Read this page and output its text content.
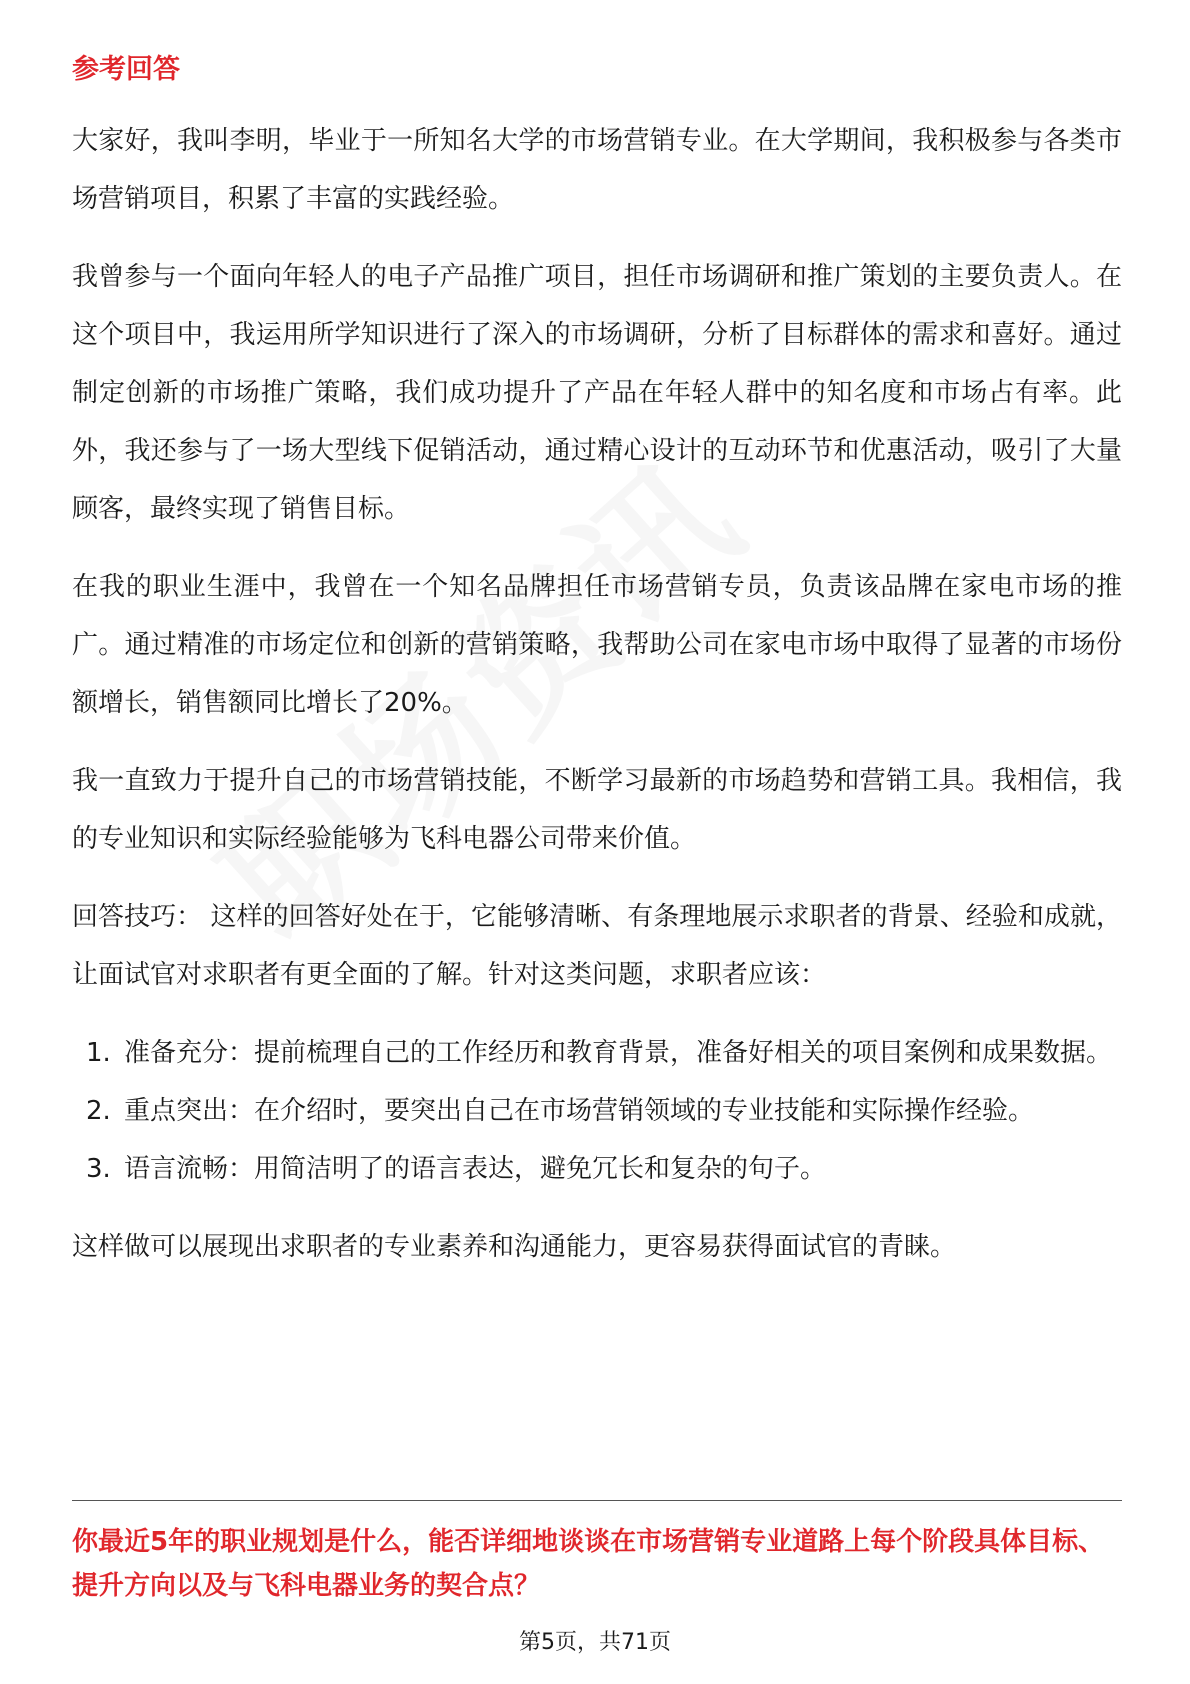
参考回答

大家好，我叫李明，毕业于一所知名大学的市场营销专业。在大学期间，我积极参与各类市场营销项目，积累了丰富的实践经验。

我曾参与一个面向年轻人的电子产品推广项目，担任市场调研和推广策划的主要负责人。在这个项目中，我运用所学知识进行了深入的市场调研，分析了目标群体的需求和喜好。通过制定创新的市场推广策略，我们成功提升了产品在年轻人群中的知名度和市场占有率。此外，我还参与了一场大型线下促销活动，通过精心设计的互动环节和优惠活动，吸引了大量顾客，最终实现了销售目标。

在我的职业生涯中，我曾在一个知名品牌担任市场营销专员，负责该品牌在家电市场的推广。通过精准的市场定位和创新的营销策略，我帮助公司在家电市场中取得了显著的市场份额增长，销售额同比增长了20%。

我一直致力于提升自己的市场营销技能，不断学习最新的市场趋势和营销工具。我相信，我的专业知识和实际经验能够为飞科电器公司带来价值。

回答技巧： 这样的回答好处在于，它能够清晰、有条理地展示求职者的背景、经验和成就，让面试官对求职者有更全面的了解。针对这类问题，求职者应该：

1. 准备充分：提前梳理自己的工作经历和教育背景，准备好相关的项目案例和成果数据。
2. 重点突出：在介绍时，要突出自己在市场营销领域的专业技能和实际操作经验。
3. 语言流畅：用简洁明了的语言表达，避免冗长和复杂的句子。

这样做可以展现出求职者的专业素养和沟通能力，更容易获得面试官的青睐。

你最近5年的职业规划是什么，能否详细地谈谈在市场营销专业道路上每个阶段具体目标、提升方向以及与飞科电器业务的契合点？
第5页，共71页
